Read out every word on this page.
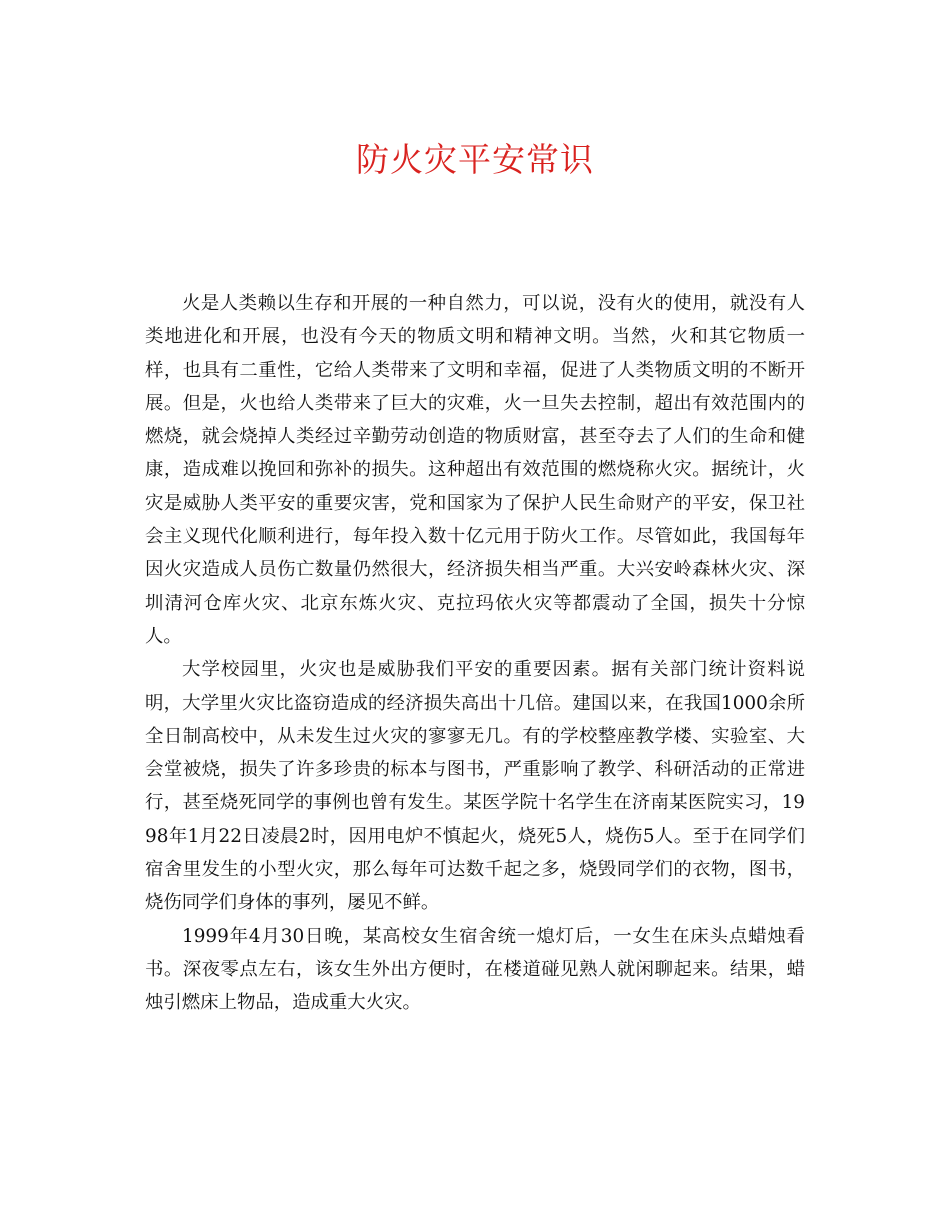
防火灾平安常识

火是人类赖以生存和开展的一种自然力，可以说，没有火的使用，就没有人类地进化和开展，也没有今天的物质文明和精神文明。当然，火和其它物质一样，也具有二重性，它给人类带来了文明和幸福，促进了人类物质文明的不断开展。但是，火也给人类带来了巨大的灾难，火一旦失去控制，超出有效范围内的燃烧，就会烧掉人类经过辛勤劳动创造的物质财富，甚至夺去了人们的生命和健康，造成难以挽回和弥补的损失。这种超出有效范围的燃烧称火灾。据统计，火灾是威胁人类平安的重要灾害，党和国家为了保护人民生命财产的平安，保卫社会主义现代化顺利进行，每年投入数十亿元用于防火工作。尽管如此，我国每年因火灾造成人员伤亡数量仍然很大，经济损失相当严重。大兴安岭森林火灾、深圳清河仓库火灾、北京东炼火灾、克拉玛依火灾等都震动了全国，损失十分惊人。

大学校园里，火灾也是威胁我们平安的重要因素。据有关部门统计资料说明，大学里火灾比盗窃造成的经济损失高出十几倍。建国以来，在我国1000余所全日制高校中，从未发生过火灾的寥寥无几。有的学校整座教学楼、实验室、大会堂被烧，损失了许多珍贵的标本与图书，严重影响了教学、科研活动的正常进行，甚至烧死同学的事例也曾有发生。某医学院十名学生在济南某医院实习，1998年1月22日凌晨2时，因用电炉不慎起火，烧死5人，烧伤5人。至于在同学们宿舍里发生的小型火灾，那么每年可达数千起之多，烧毁同学们的衣物，图书，烧伤同学们身体的事列，屡见不鲜。

1999年4月30日晚，某高校女生宿舍统一熄灯后，一女生在床头点蜡烛看书。深夜零点左右，该女生外出方便时，在楼道碰见熟人就闲聊起来。结果，蜡烛引燃床上物品，造成重大火灾。
